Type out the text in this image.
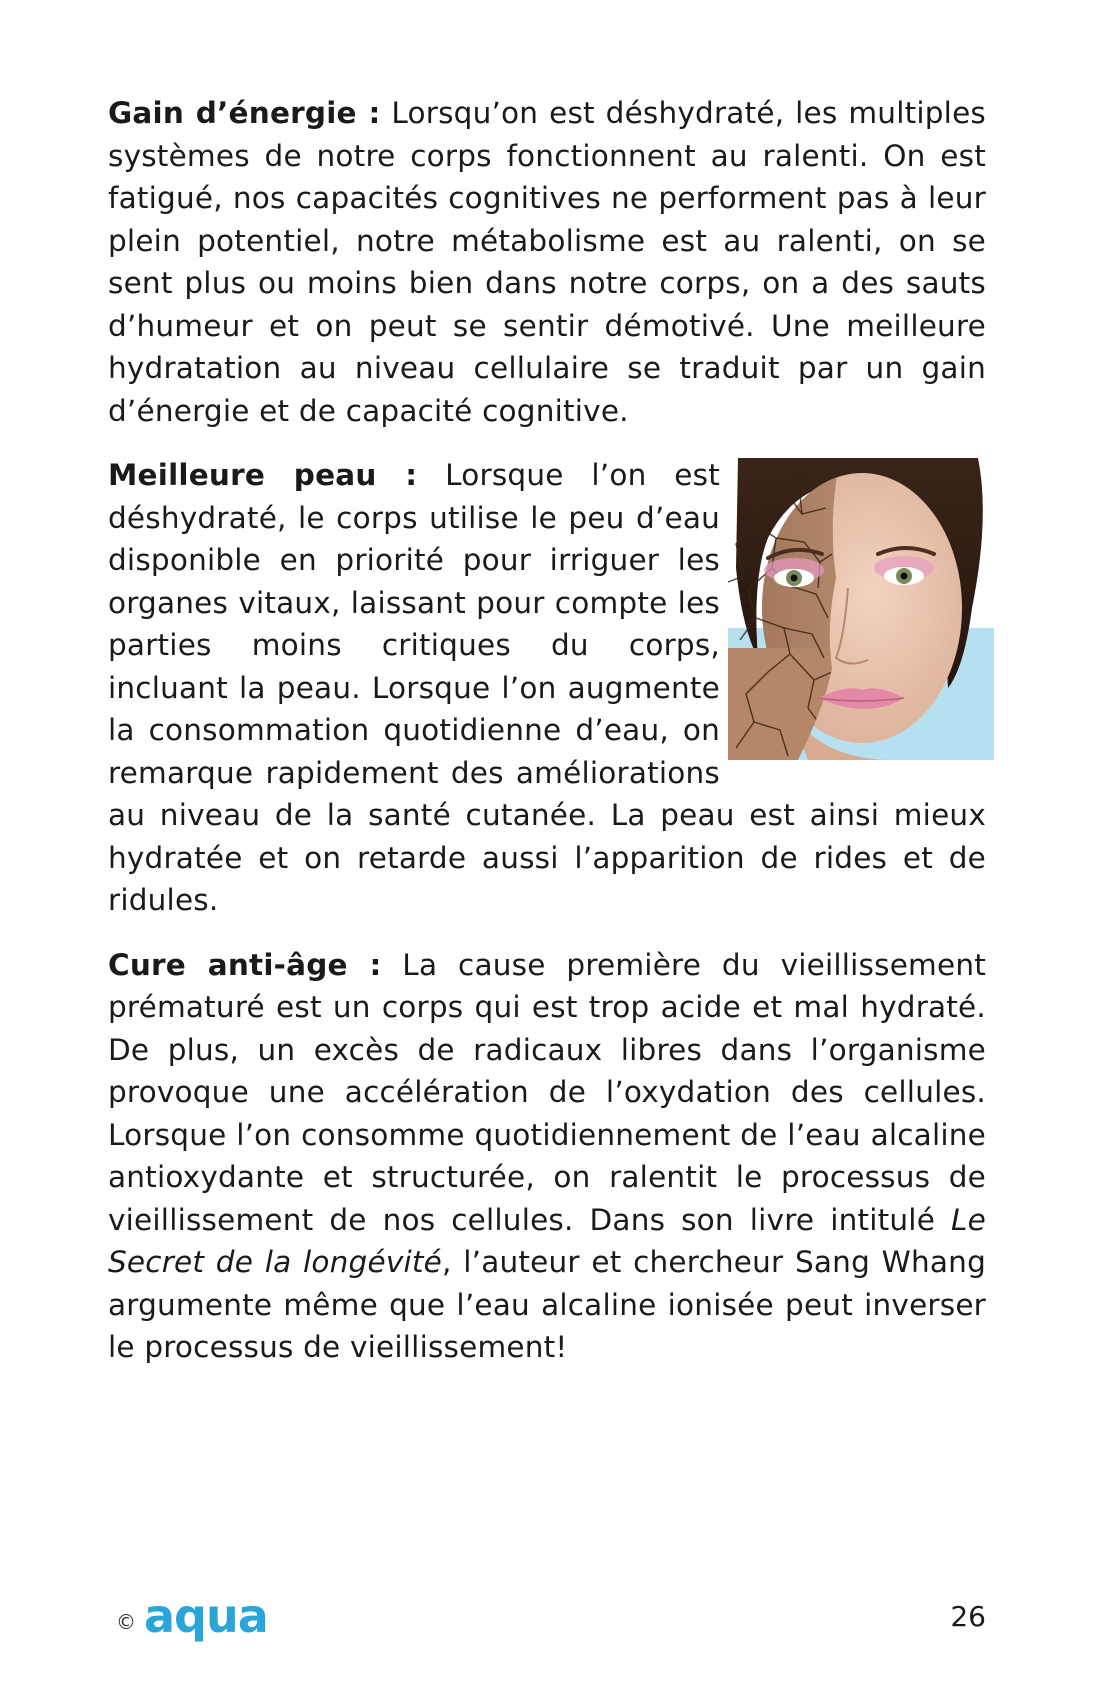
Gain d’énergie : Lorsqu’on est déshydraté, les multiples systèmes de notre corps fonctionnent au ralenti. On est fatigué, nos capacités cognitives ne performent pas à leur plein potentiel, notre métabolisme est au ralenti, on se sent plus ou moins bien dans notre corps, on a des sauts d’humeur et on peut se sentir démotivé. Une meilleure hydratation au niveau cellulaire se traduit par un gain d’énergie et de capacité cognitive.

Meilleure peau : Lorsque l’on est déshydraté, le corps utilise le peu d’eau disponible en priorité pour irriguer les organes vitaux, laissant pour compte les parties moins critiques du corps, incluant la peau. Lorsque l’on augmente la consommation quotidienne d’eau, on remarque rapidement des améliorations au niveau de la santé cutanée. La peau est ainsi mieux hydratée et on retarde aussi l’apparition de rides et de ridules.

Cure anti-âge : La cause première du vieillissement prématuré est un corps qui est trop acide et mal hydraté. De plus, un excès de radicaux libres dans l’organisme provoque une accélération de l’oxydation des cellules. Lorsque l’on consomme quotidiennement de l’eau alcaline antioxydante et structurée, on ralentit le processus de vieillissement de nos cellules. Dans son livre intitulé Le Secret de la longévité, l’auteur et chercheur Sang Whang argumente même que l’eau alcaline ionisée peut inverser le processus de vieillissement!

© aqua	26
